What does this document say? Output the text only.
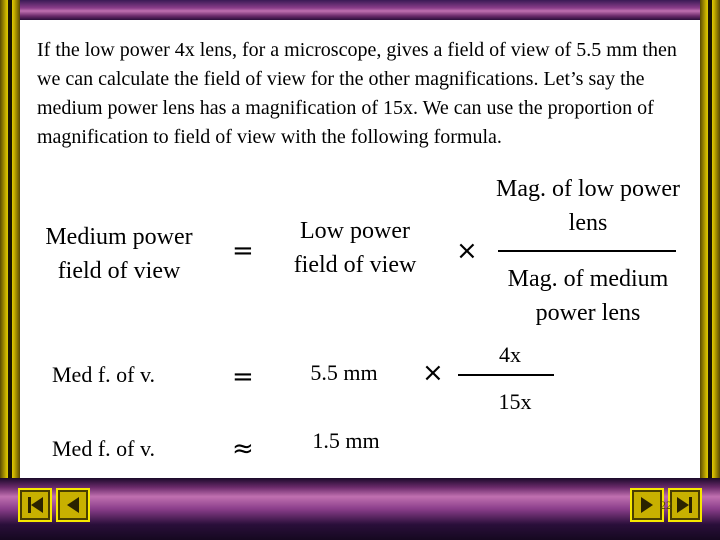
If the low power 4x lens, for a microscope, gives a field of view of 5.5 mm then we can calculate the field of view for the other magnifications. Let’s say the medium power lens has a magnification of 15x. We can use the proportion of magnification to field of view with the following formula.
Medium power field of view
=
Low power field of view	×
Mag. of low power lens
Mag. of medium power lens
Med f. of v.	=	5.5 mm	×
4x
15x
Med f. of v.	≈	1.5 mm
22
